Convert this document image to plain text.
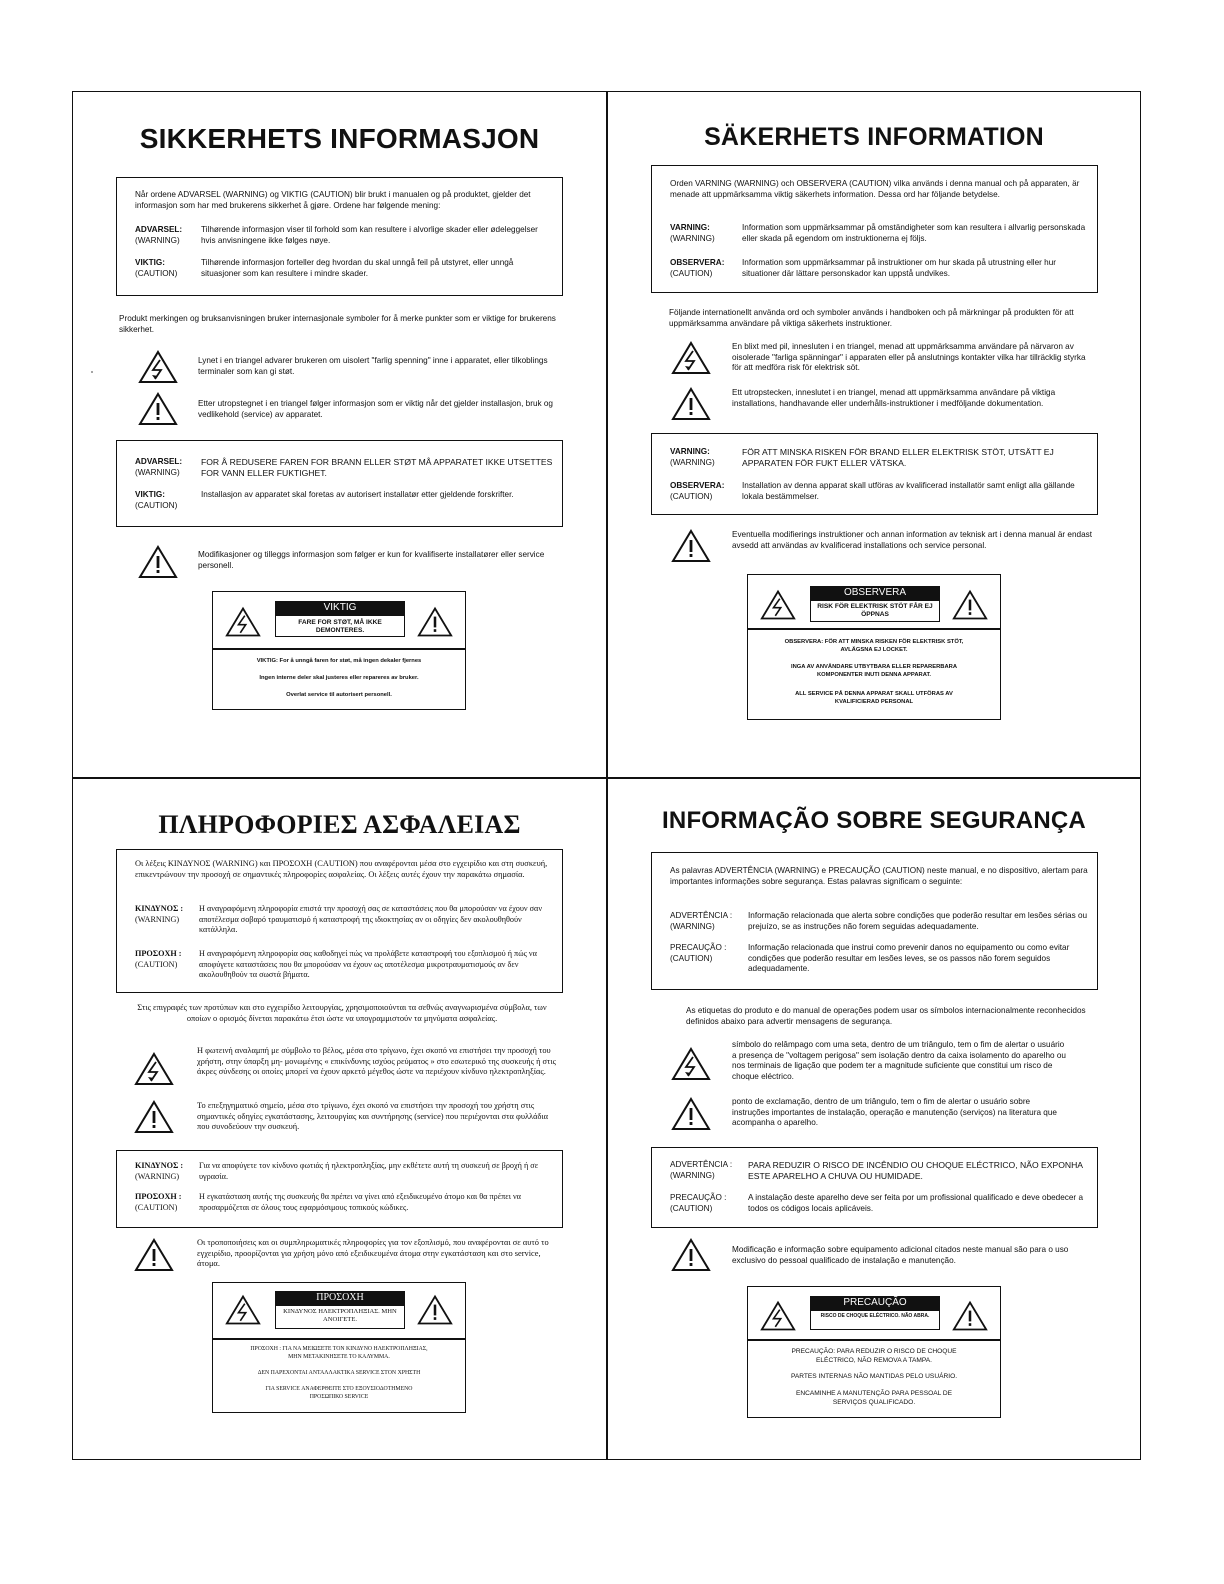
SIKKERHETS INFORMASJON

Når ordene ADVARSEL (WARNING) og VIKTIG (CAUTION) blir brukt i manualen og på produktet, gjelder det informasjon som har med brukerens sikkerhet å gjøre. Ordene har følgende mening:

ADVARSEL:
(WARNING)
Tilhørende informasjon viser til forhold som kan resultere i alvorlige skader eller ødeleggelser hvis anvisningene ikke følges nøye.
VIKTIG:
(CAUTION)
Tilhørende informasjon forteller deg hvordan du skal unngå feil på utstyret, eller unngå situasjoner som kan resultere i mindre skader.

Produkt merkingen og bruksanvisningen bruker internasjonale symboler for å merke punkter som er viktige for brukerens sikkerhet.

Lynet i en triangel advarer brukeren om uisolert "farlig spenning" inne i apparatet, eller tilkoblings terminaler som kan gi støt.

Etter utropstegnet i en triangel følger informasjon som er viktig når det gjelder installasjon, bruk og vedlikehold (service) av apparatet.

ADVARSEL:
(WARNING)
FOR Å REDUSERE FAREN FOR BRANN ELLER STØT MÅ APPARATET IKKE UTSETTES FOR VANN ELLER FUKTIGHET.
VIKTIG:
(CAUTION)
Installasjon av apparatet skal foretas av autorisert installatør etter gjeldende forskrifter.

Modifikasjoner og tilleggs informasjon som følger er kun for kvalifiserte installatører eller service personell.

VIKTIG
FARE FOR STØT, MÅ IKKE DEMONTERES.
VIKTIG: For å unngå faren for støt, må ingen dekaler fjernes
Ingen interne deler skal justeres eller repareres av bruker.
Overlat service til autorisert personell.
SÄKERHETS INFORMATION

Orden VARNING (WARNING) och OBSERVERA (CAUTION) vilka används i denna manual och på apparaten, är menade att uppmärksamma viktig säkerhets information. Dessa ord har följande betydelse.

VARNING:
(WARNING)
Information som uppmärksammar på omständigheter som kan resultera i allvarlig personskada eller skada på egendom om instruktionerna ej följs.
OBSERVERA:
(CAUTION)
Information som uppmärksammar på instruktioner om hur skada på utrustning eller hur situationer där lättare personskador kan uppstå undvikes.

Följande internationellt använda ord och symboler används i handboken och på märkningar på produkten för att uppmärksamma användare på viktiga säkerhets instruktioner.

En blixt med pil, innesluten i en triangel, menad att uppmärksamma användare på närvaron av oisolerade "farliga spänningar" i apparaten eller på anslutnings kontakter vilka har tillräcklig styrka för att medföra risk för elektrisk söt.

Ett utropstecken, inneslutet i en triangel, menad att uppmärksamma användare på viktiga installations, handhavande eller underhålls-instruktioner i medföljande dokumentation.

VARNING:
(WARNING)
FÖR ATT MINSKA RISKEN FÖR BRAND ELLER ELEKTRISK STÖT, UTSÄTT EJ APPARATEN FÖR FUKT ELLER VÄTSKA.
OBSERVERA:
(CAUTION)
Installation av denna apparat skall utföras av kvalificerad installatör samt enligt alla gällande lokala bestämmelser.

Eventuella modifierings instruktioner och annan information av teknisk art i denna manual är endast avsedd att användas av kvalificerad installations och service personal.

OBSERVERA
RISK FÖR ELEKTRISK STÖT FÅR EJ ÖPPNAS
OBSERVERA: FÖR ATT MINSKA RISKEN FÖR ELEKTRISK STÖT, AVLÄGSNA EJ LOCKET.
INGA AV ANVÄNDARE UTBYTBARA ELLER REPARERBARA KOMPONENTER INUTI DENNA APPARAT.
ALL SERVICE PÅ DENNA APPARAT SKALL UTFÖRAS AV KVALIFICIERAD PERSONAL
ΠΛΗΡΟΦΟΡΙΕΣ ΑΣΦΑΛΕΙΑΣ

Οι λέξεις ΚΙΝΔΥΝΟΣ (WARNING) και ΠΡΟΣΟΧΗ (CAUTION) που αναφέρονται μέσα στο εγχειρίδιο και στη συσκευή, επικεντρώνουν την προσοχή σε σημαντικές πληροφορίες ασφαλείας. Οι λέξεις αυτές έχουν την παρακάτω σημασία.

ΚΙΝΔΥΝΟΣ :
(WARNING)
Η αναγραφόμενη πληροφορία επιστά την προσοχή σας σε καταστάσεις που θα μπορούσαν να έχουν σαν αποτέλεσμα σοβαρό τραυματισμό ή καταστροφή της ιδιοκτησίας αν οι οδηγίες δεν ακολουθηθούν κατάλληλα.
ΠΡΟΣΟΧΗ :
(CAUTION)
Η αναγραφόμενη πληροφορία σας καθοδηγεί πώς να προλάβετε καταστροφή του εξοπλισμού ή πώς να αποφύγετε καταστάσεις που θα μπορούσαν να έχουν ως αποτέλεσμα μικροτραυματισμούς αν δεν ακολουθηθούν τα σωστά βήματα.

Στις επιγραφές των προτύπων και στο εγχειρίδιο λειτουργίας, χρησιμοποιούνται τα σεθνώς αναγνωρισμένα σύμβολα, των οποίων ο ορισμός δίνεται παρακάτω έτσι ώστε να υπογραμμιστούν τα μηνύματα ασφαλείας.

Η φωτεινή αναλαμπή με σύμβολο το βέλος, μέσα στο τρίγωνο, έχει σκοπό να επιστήσει την προσοχή του χρήστη, στην ύπαρξη μη- μονωμένης « επικίνδυνης ισχύος ρεύματος » στο εσωτερικό της συσκευής ή στις άκρες σύνδεσης οι οποίες μπορεί να έχουν αρκετό μέγεθος ώστε να περιέχουν κίνδυνο ηλεκτροπληξίας.

Το επεξηγηματικό σημείο, μέσα στο τρίγωνο, έχει σκοπό να επιστήσει την προσοχή του χρήστη στις σημαντικές οδηγίες εγκατάστασης, λειτουργίας και συντήρησης (service) που περιέχονται στα φυλλάδια που συνοδεύουν την συσκευή.

ΚΙΝΔΥΝΟΣ :
(WARNING)
Για να αποφύγετε τον κίνδυνο φωτιάς ή ηλεκτροπληξίας, μην εκθέτετε αυτή τη συσκευή σε βροχή ή σε υγρασία.
ΠΡΟΣΟΧΗ :
(CAUTION)
Η εγκατάσταση αυτής της συσκευής θα πρέπει να γίνει από εξειδικευμένο άτομο και θα πρέπει να προσαρμόζεται σε όλους τους εφαρμόσιμους τοπικούς κώδικες.

Οι τροποποιήσεις και οι συμπληρωματικές πληροφορίες για τον εξοπλισμό, που αναφέρονται σε αυτό το εγχειρίδιο, προορίζονται για χρήση μόνο από εξειδικευμένα άτομα στην εγκατάσταση και στο service, άτομα.

ΠΡΟΣΟΧΗ
ΚΙΝΔΥΝΟΣ ΗΛΕΚΤΡΟΠΛΗΞΙΑΣ. ΜΗΝ ΑΝΟΙΓΕΤΕ.
ΠΡΟΣΟΧΗ : ΓΙΑ ΝΑ ΜΕΙΩΣΕΤΕ ΤΟΝ ΚΙΝΔΥΝΟ ΗΛΕΚΤΡΟΠΛΗΞΙΑΣ, ΜΗΝ ΜΕΤΑΚΙΝΗΣΕΤΕ ΤΟ ΚΑΛΥΜΜΑ.
ΔΕΝ ΠΑΡΕΧΟΝΤΑΙ ΑΝΤΑΛΛΑΚΤΙΚΑ SERVICE ΣΤΟΝ ΧΡΗΣΤΗ
ΓΙΑ SERVICE ΑΝΑΦΕΡΘΕΙΤΕ ΣΤΟ ΕΞΟΥΣΙΟΔΟΤΗΜΕΝΟ ΠΡΟΣΩΠΙΚΟ SERVICE
INFORMAÇÃO SOBRE SEGURANÇA

As palavras ADVERTÊNCIA (WARNING) e PRECAUÇÃO (CAUTION) neste manual, e no dispositivo, alertam para importantes informações sobre segurança. Estas palavras significam o seguinte:

ADVERTÊNCIA :
(WARNING)
Informação relacionada que alerta sobre condições que poderão resultar em lesões sérias ou prejuízo, se as instruções não forem seguidas adequadamente.
PRECAUÇÃO :
(CAUTION)
Informação relacionada que instrui como prevenir danos no equipamento ou como evitar condições que poderão resultar em lesões leves, se os passos não forem seguidos adequadamente.

As etiquetas do produto e do manual de operações podem usar os símbolos internacionalmente reconhecidos definidos abaixo para advertir mensagens de segurança.

símbolo do relâmpago com uma seta, dentro de um triângulo, tem o fim de alertar o usuário a presença de "voltagem perigosa" sem isolação dentro da caixa isolamento do aparelho ou nos terminais de ligação que podem ter a magnitude suficiente que constitui um risco de choque eléctrico.

ponto de exclamação, dentro de um triângulo, tem o fim de alertar o usuário sobre instruções importantes de instalação, operação e manutenção (serviços) na literatura que acompanha o aparelho.

ADVERTÊNCIA :
(WARNING)
PARA REDUZIR O RISCO DE INCÊNDIO OU CHOQUE ELÉCTRICO, NÃO EXPONHA ESTE APARELHO A CHUVA OU HUMIDADE.
PRECAUÇÃO :
(CAUTION)
A instalação deste aparelho deve ser feita por um profissional qualificado e deve obedecer a todos os códigos locais aplicáveis.

Modificação e informação sobre equipamento adicional citados neste manual são para o uso exclusivo do pessoal qualificado de instalação e manutenção.

PRECAUÇÃO
RISCO DE CHOQUE ELÉCTRICO. NÃO ABRA.
PRECAUÇÃO: PARA REDUZIR O RISCO DE CHOQUE ELÉCTRICO, NÃO REMOVA A TAMPA.
PARTES INTERNAS NÃO MANTIDAS PELO USUÁRIO.
ENCAMINHE A MANUTENÇÃO PARA PESSOAL DE SERVIÇOS QUALIFICADO.
